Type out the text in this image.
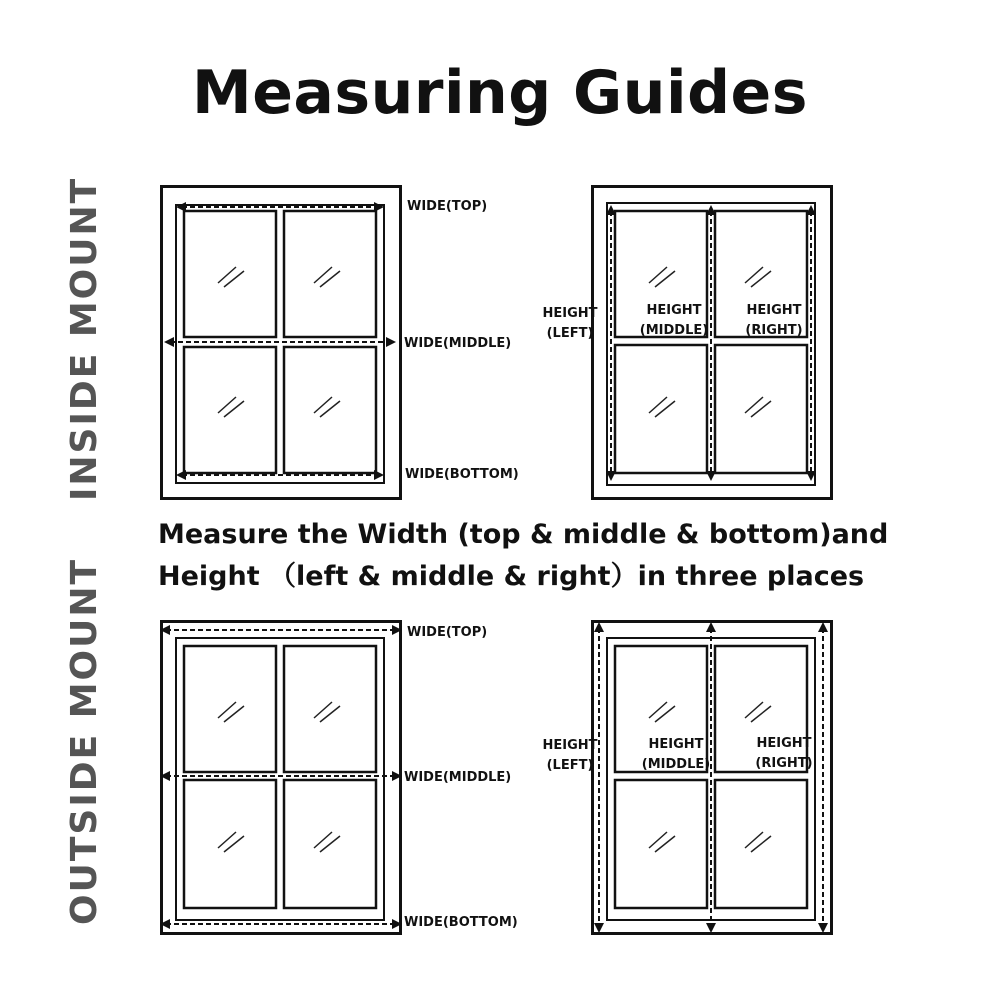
Measuring Guides
INSIDE MOUNT
OUTSIDE MOUNT
WIDE(TOP)
WIDE(MIDDLE)
WIDE(BOTTOM)
HEIGHT
(LEFT)
HEIGHT
(MIDDLE)
HEIGHT
(RIGHT)
Measure the Width (top & middle & bottom)and
Height （left & middle & right）in three places
WIDE(TOP)
WIDE(MIDDLE)
WIDE(BOTTOM)
HEIGHT
(LEFT)
HEIGHT
(MIDDLE)
HEIGHT
(RIGHT)
